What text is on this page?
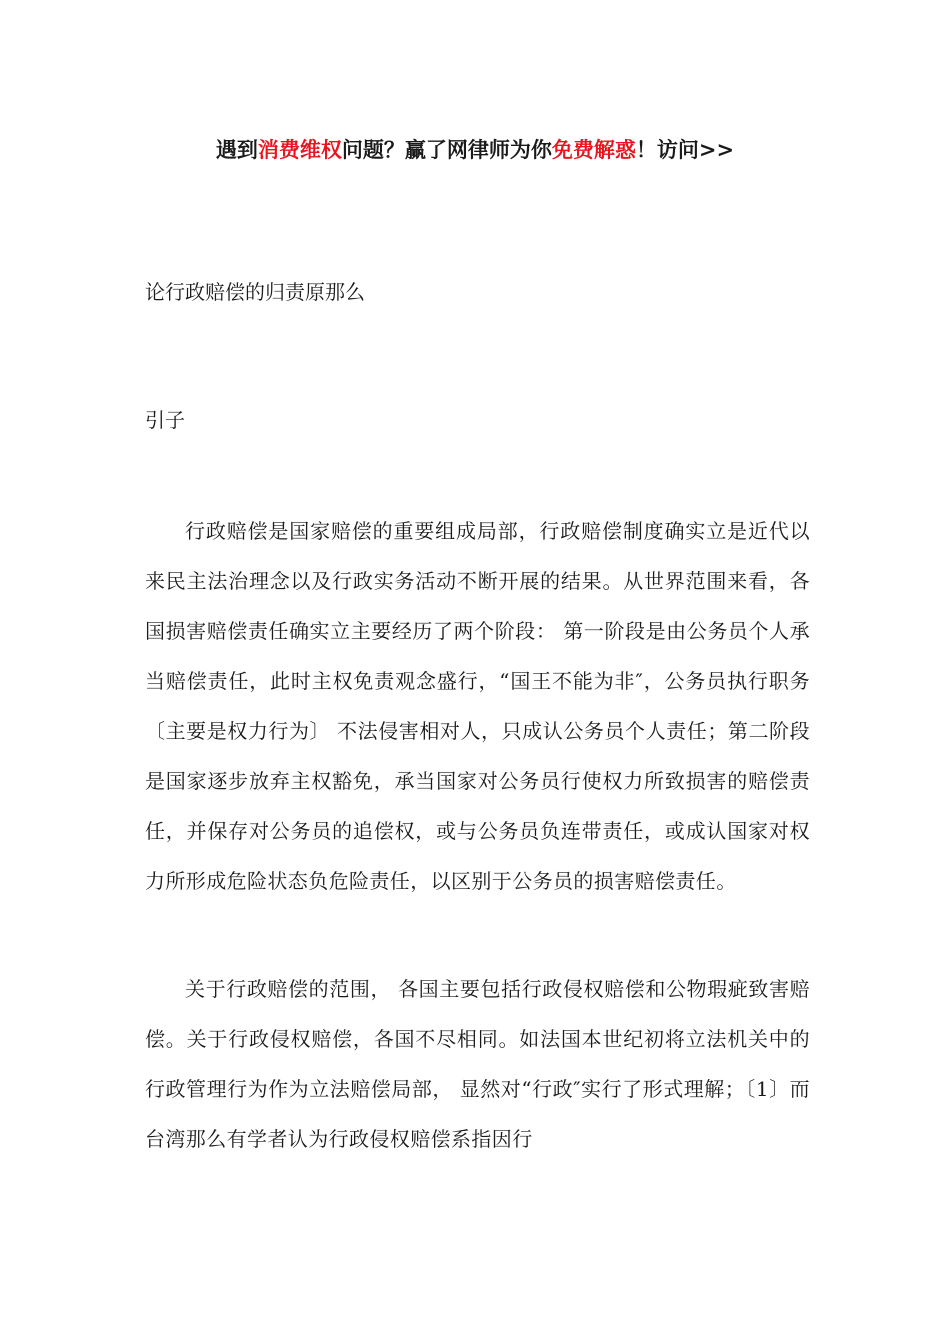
遇到消费维权问题？赢了网律师为你免费解惑！访问>>
论行政赔偿的归责原那么
引子

行政赔偿是国家赔偿的重要组成局部，行政赔偿制度确实立是近代以来民主法治理念以及行政实务活动不断开展的结果。从世界范围来看，各国损害赔偿责任确实立主要经历了两个阶段： 第一阶段是由公务员个人承当赔偿责任，此时主权免责观念盛行，“国王不能为非″，公务员执行职务〔主要是权力行为〕 不法侵害相对人，只成认公务员个人责任；第二阶段是国家逐步放弃主权豁免，承当国家对公务员行使权力所致损害的赔偿责任，并保存对公务员的追偿权，或与公务员负连带责任，或成认国家对权力所形成危险状态负危险责任，以区别于公务员的损害赔偿责任。

关于行政赔偿的范围， 各国主要包括行政侵权赔偿和公物瑕疵致害赔偿。关于行政侵权赔偿，各国不尽相同。如法国本世纪初将立法机关中的行政管理行为作为立法赔偿局部， 显然对“行政″实行了形式理解；〔1〕而台湾那么有学者认为行政侵权赔偿系指因行
